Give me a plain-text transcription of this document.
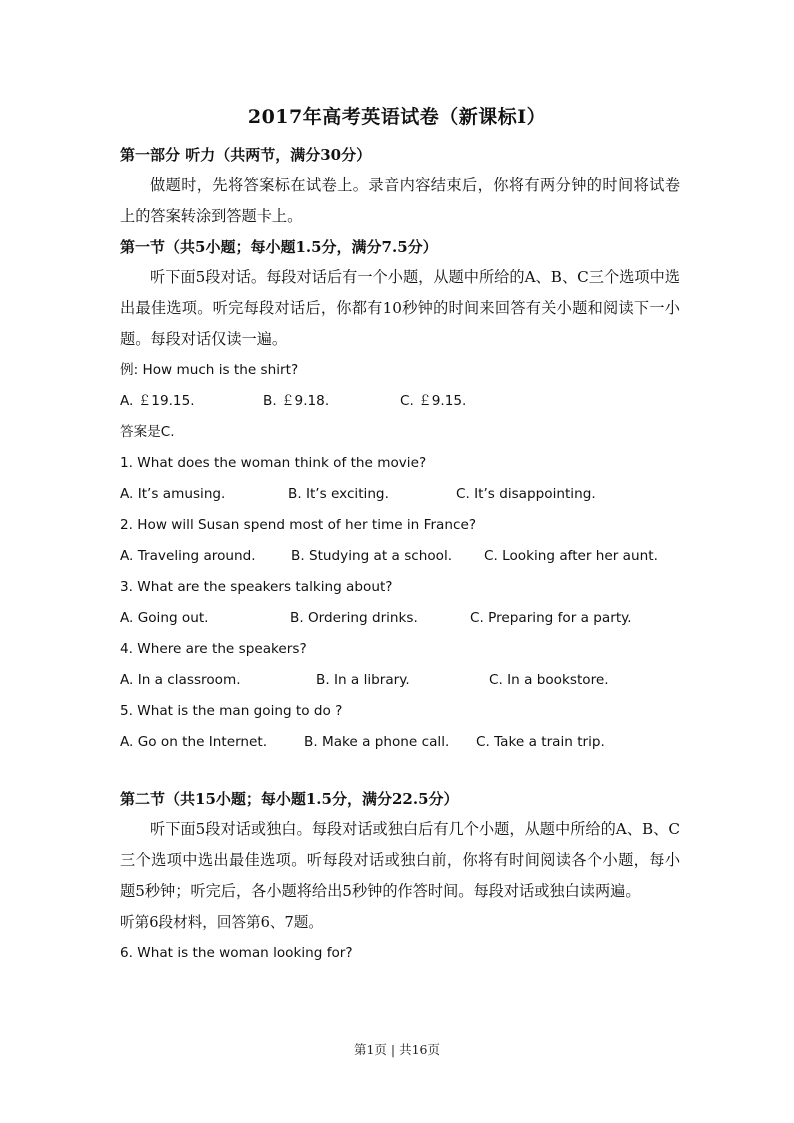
2017年高考英语试卷（新课标I）
第一部分 听力（共两节，满分30分）

做题时，先将答案标在试卷上。录音内容结束后，你将有两分钟的时间将试卷上的答案转涂到答题卡上。

第一节（共5小题；每小题1.5分，满分7.5分）

听下面5段对话。每段对话后有一个小题，从题中所给的A、B、C三个选项中选出最佳选项。听完每段对话后，你都有10秒钟的时间来回答有关小题和阅读下一小题。每段对话仅读一遍。

例: How much is the shirt?
A. ￡19.15.	B. ￡9.18.	C. ￡9.15.
答案是C.
1. What does the woman think of the movie?
A. It’s amusing.	B. It’s exciting.	C. It’s disappointing.
2. How will Susan spend most of her time in France?
A. Traveling around.	B. Studying at a school. C. Looking after her aunt.
3. What are the speakers talking about?
A. Going out.	B. Ordering drinks.	C. Preparing for a party.
4. Where are the speakers?
A. In a classroom.	B. In a library.	C. In a bookstore.
5. What is the man going to do ?
A. Go on the Internet.	B. Make a phone call. C. Take a train trip.
第二节（共15小题；每小题1.5分，满分22.5分）

听下面5段对话或独白。每段对话或独白后有几个小题，从题中所给的A、B、C三个选项中选出最佳选项。听每段对话或独白前，你将有时间阅读各个小题，每小题5秒钟；听完后，各小题将给出5秒钟的作答时间。每段对话或独白读两遍。

听第6段材料，回答第6、7题。
6. What is the woman looking for?
第1页 | 共16页
